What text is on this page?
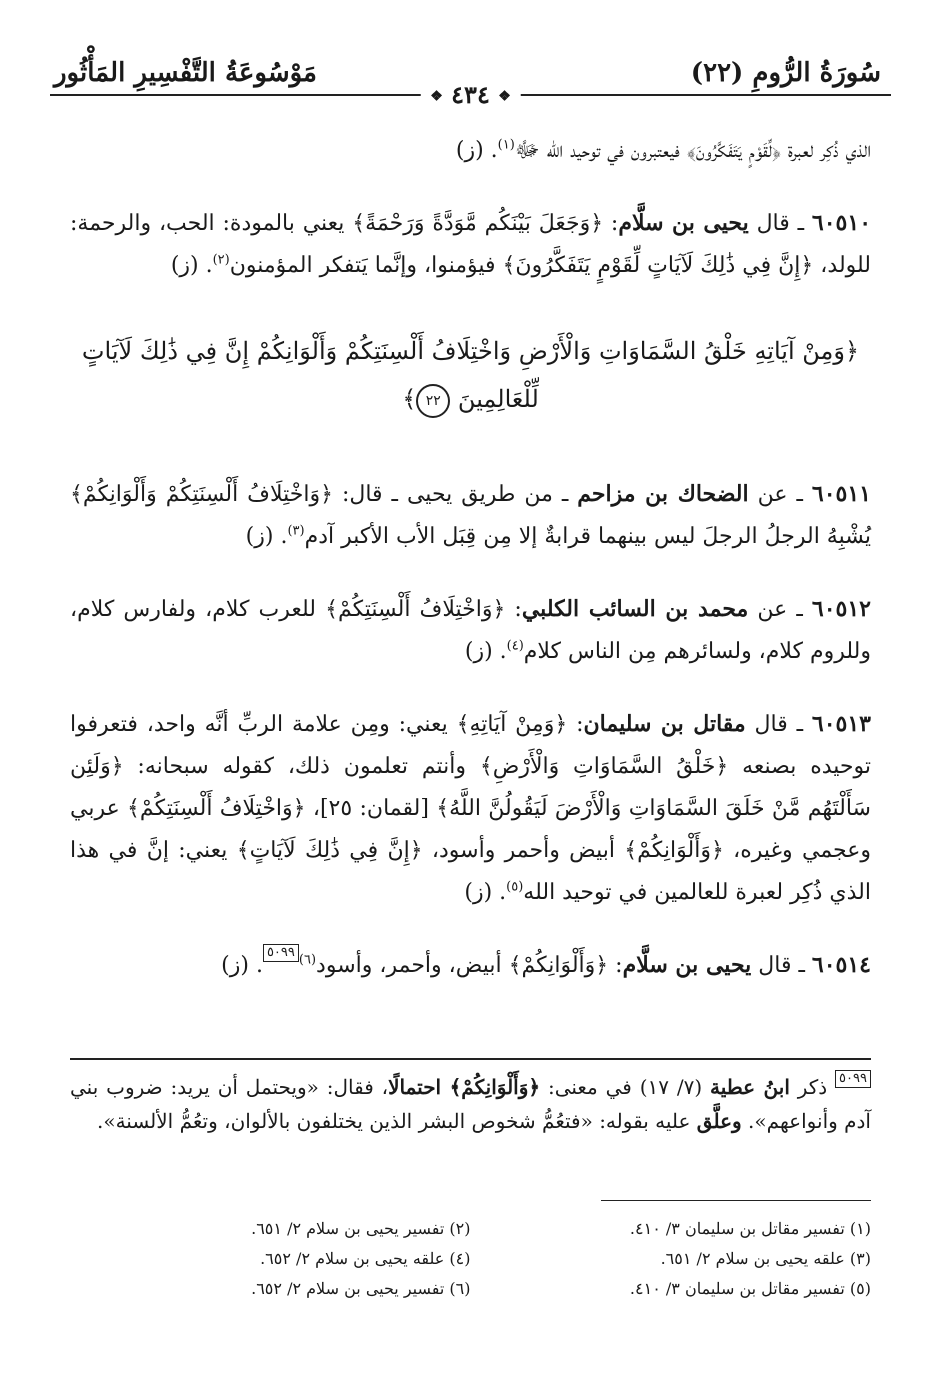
سُورَةُ الرُّومِ (٢٢)
مَوْسُوعَةُ التَّفْسِيرِ المَأْثُور
❖ ٤٣٤ ❖

الذي ذُكِر لعبرة ﴿لِّقَوْمٍ يَتَفَكَّرُونَ﴾ فيعتبرون في توحيد الله ﷻ$^{(١)}$. (ز)

٦٠٥١٠ ـ قال يحيى بن سلَّام: ﴿وَجَعَلَ بَيْنَكُم مَّوَدَّةً وَرَحْمَةً﴾ يعني بالمودة: الحب، والرحمة: للولد، ﴿إِنَّ فِي ذَٰلِكَ لَآيَاتٍ لِّقَوْمٍ يَتَفَكَّرُونَ﴾ فيؤمنوا، وإنَّما يَتفكر المؤمنون$^{(٢)}$. (ز)

﴿وَمِنْ آيَاتِهِ خَلْقُ السَّمَاوَاتِ وَالْأَرْضِ وَاخْتِلَافُ أَلْسِنَتِكُمْ وَأَلْوَانِكُمْ إِنَّ فِي ذَٰلِكَ لَآيَاتٍ لِّلْعَالِمِينَ ٢٢﴾

٦٠٥١١ ـ عن الضحاك بن مزاحم ـ من طريق يحيى ـ قال: ﴿وَاخْتِلَافُ أَلْسِنَتِكُمْ وَأَلْوَانِكُمْ﴾ يُشْبِهُ الرجلُ الرجلَ ليس بينهما قرابةٌ إلا مِن قِبَل الأب الأكبر آدم$^{(٣)}$. (ز)

٦٠٥١٢ ـ عن محمد بن السائب الكلبي: ﴿وَاخْتِلَافُ أَلْسِنَتِكُمْ﴾ للعرب كلام، ولفارس كلام، وللروم كلام، ولسائرهم مِن الناس كلام$^{(٤)}$. (ز)

٦٠٥١٣ ـ قال مقاتل بن سليمان: ﴿وَمِنْ آيَاتِهِ﴾ يعني: ومِن علامة الربِّ أنَّه واحد، فتعرفوا توحيده بصنعه ﴿خَلْقُ السَّمَاوَاتِ وَالْأَرْضِ﴾ وأنتم تعلمون ذلك، كقوله سبحانه: ﴿وَلَئِن سَأَلْتَهُم مَّنْ خَلَقَ السَّمَاوَاتِ وَالْأَرْضَ لَيَقُولُنَّ اللَّهُ﴾ [لقمان: ٢٥]، ﴿وَاخْتِلَافُ أَلْسِنَتِكُمْ﴾ عربي وعجمي وغيره، ﴿وَأَلْوَانِكُمْ﴾ أبيض وأحمر وأسود، ﴿إِنَّ فِي ذَٰلِكَ لَآيَاتٍ﴾ يعني: إنَّ في هذا الذي ذُكِر لعبرة للعالمين في توحيد الله$^{(٥)}$. (ز)

٦٠٥١٤ ـ قال يحيى بن سلَّام: ﴿وَأَلْوَانِكُمْ﴾ أبيض، وأحمر، وأسود$^{(٦)}$٥٠٩٩. (ز)

٥٠٩٩ ذكر ابنُ عطية (٧/ ١٧) في معنى: ﴿وَأَلْوَانِكُمْ﴾ احتمالًا، فقال: «ويحتمل أن يريد: ضروب بني آدم وأنواعهم». وعلَّق عليه بقوله: «فتعُمُّ شخوص البشر الذين يختلفون بالألوان، وتعُمُّ الألسنة».
(١) تفسير مقاتل بن سليمان ٣/ ٤١٠.
(٢) تفسير يحيى بن سلام ٢/ ٦٥١.
(٣) علقه يحيى بن سلام ٢/ ٦٥١.
(٤) علقه يحيى بن سلام ٢/ ٦٥٢.
(٥) تفسير مقاتل بن سليمان ٣/ ٤١٠.
(٦) تفسير يحيى بن سلام ٢/ ٦٥٢.
